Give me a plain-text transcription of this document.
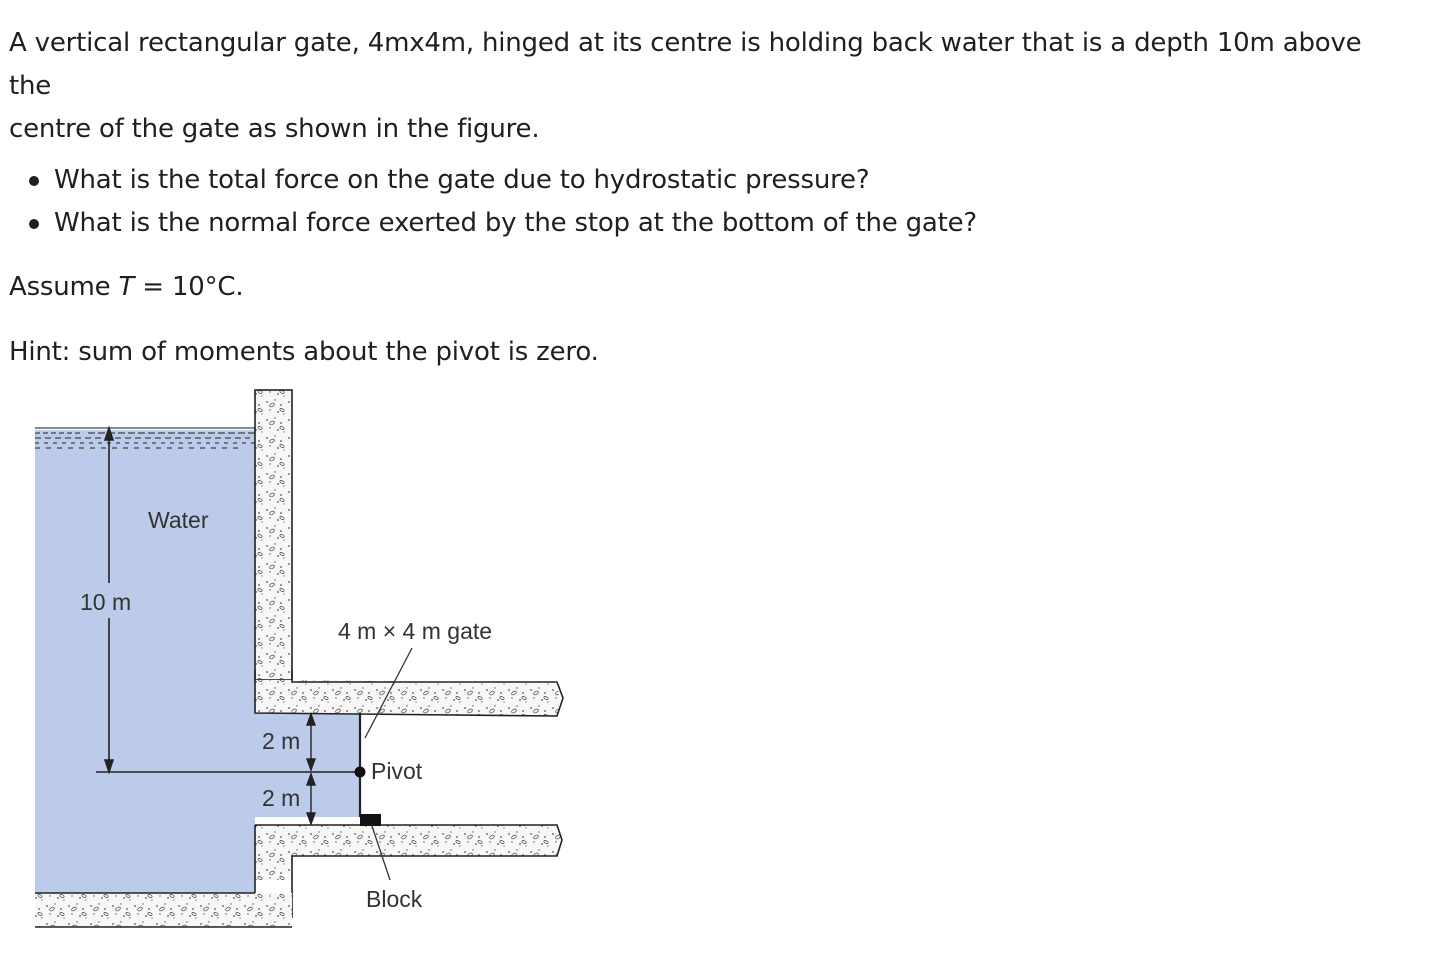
A vertical rectangular gate, 4mx4m, hinged at its centre is holding back water that is a depth 10m above the
centre of the gate as shown in the figure.

What is the total force on the gate due to hydrostatic pressure?
What is the normal force exerted by the stop at the bottom of the gate?

Assume T = 10°C.

Hint: sum of moments about the pivot is zero.

Water
10 m
4 m × 4 m gate
2 m
2 m
Pivot
Block
